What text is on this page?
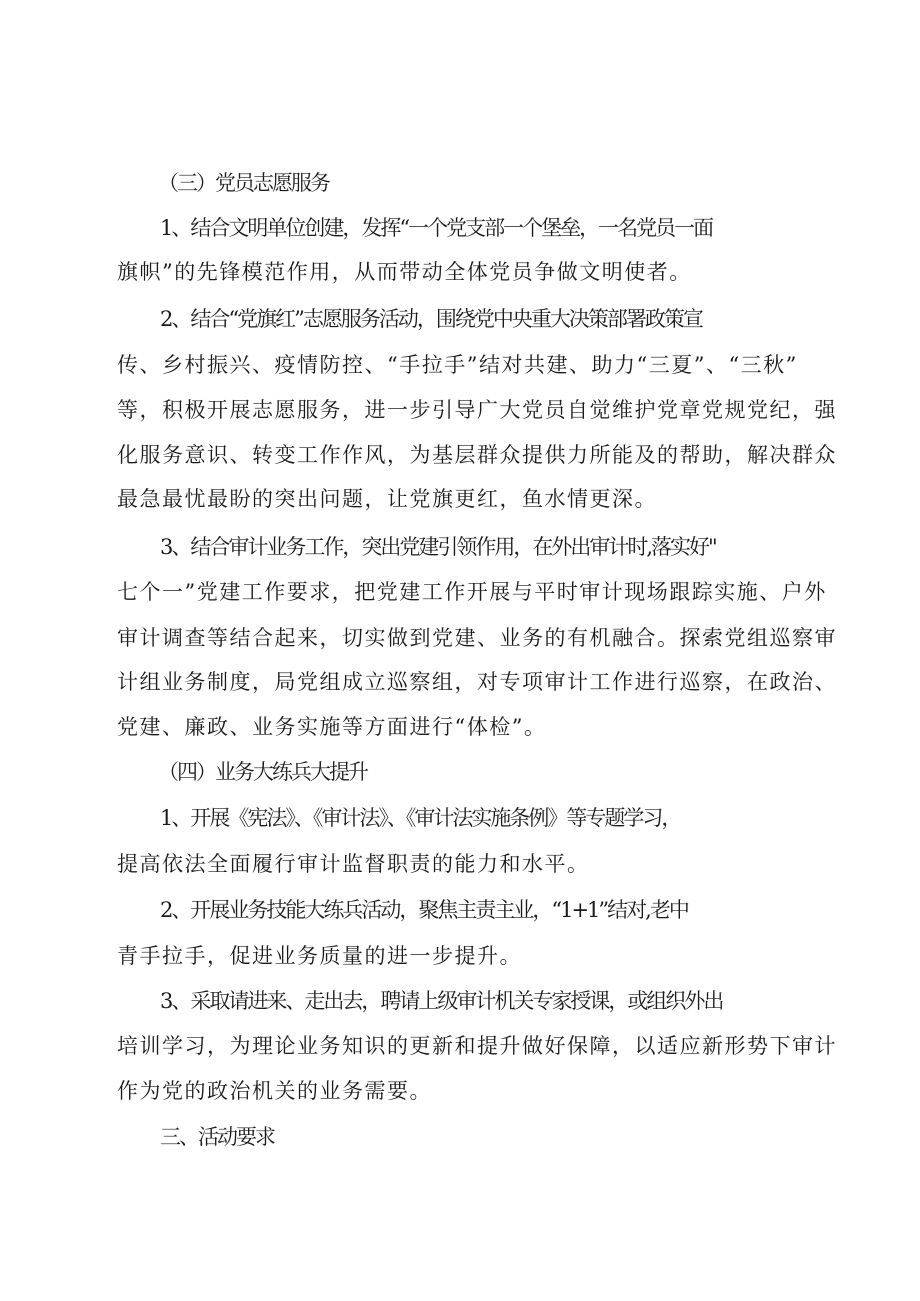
（三）党员志愿服务
1、结合文明单位创建，发挥“一个党支部一个堡垒，一名党员一面
旗帜”的先锋模范作用，从而带动全体党员争做文明使者。
2、结合“党旗红”志愿服务活动，围绕党中央重大决策部署政策宣
传、乡村振兴、疫情防控、“手拉手”结对共建、助力“三夏”、“三秋”
等，积极开展志愿服务，进一步引导广大党员自觉维护党章党规党纪，强
化服务意识、转变工作作风，为基层群众提供力所能及的帮助，解决群众
最急最忧最盼的突出问题，让党旗更红，鱼水情更深。
3、结合审计业务工作，突出党建引领作用，在外出审计时,落实好"
七个一”党建工作要求，把党建工作开展与平时审计现场跟踪实施、户外
审计调查等结合起来，切实做到党建、业务的有机融合。探索党组巡察审
计组业务制度，局党组成立巡察组，对专项审计工作进行巡察，在政治、
党建、廉政、业务实施等方面进行“体检”。
（四）业务大练兵大提升
1、开展《宪法》、《审计法》、《审计法实施条例》等专题学习，
提高依法全面履行审计监督职责的能力和水平。
2、开展业务技能大练兵活动，聚焦主责主业，“1+1”结对,老中
青手拉手，促进业务质量的进一步提升。
3、采取请进来、走出去，聘请上级审计机关专家授课，或组织外出
培训学习，为理论业务知识的更新和提升做好保障，以适应新形势下审计
作为党的政治机关的业务需要。
三、活动要求
